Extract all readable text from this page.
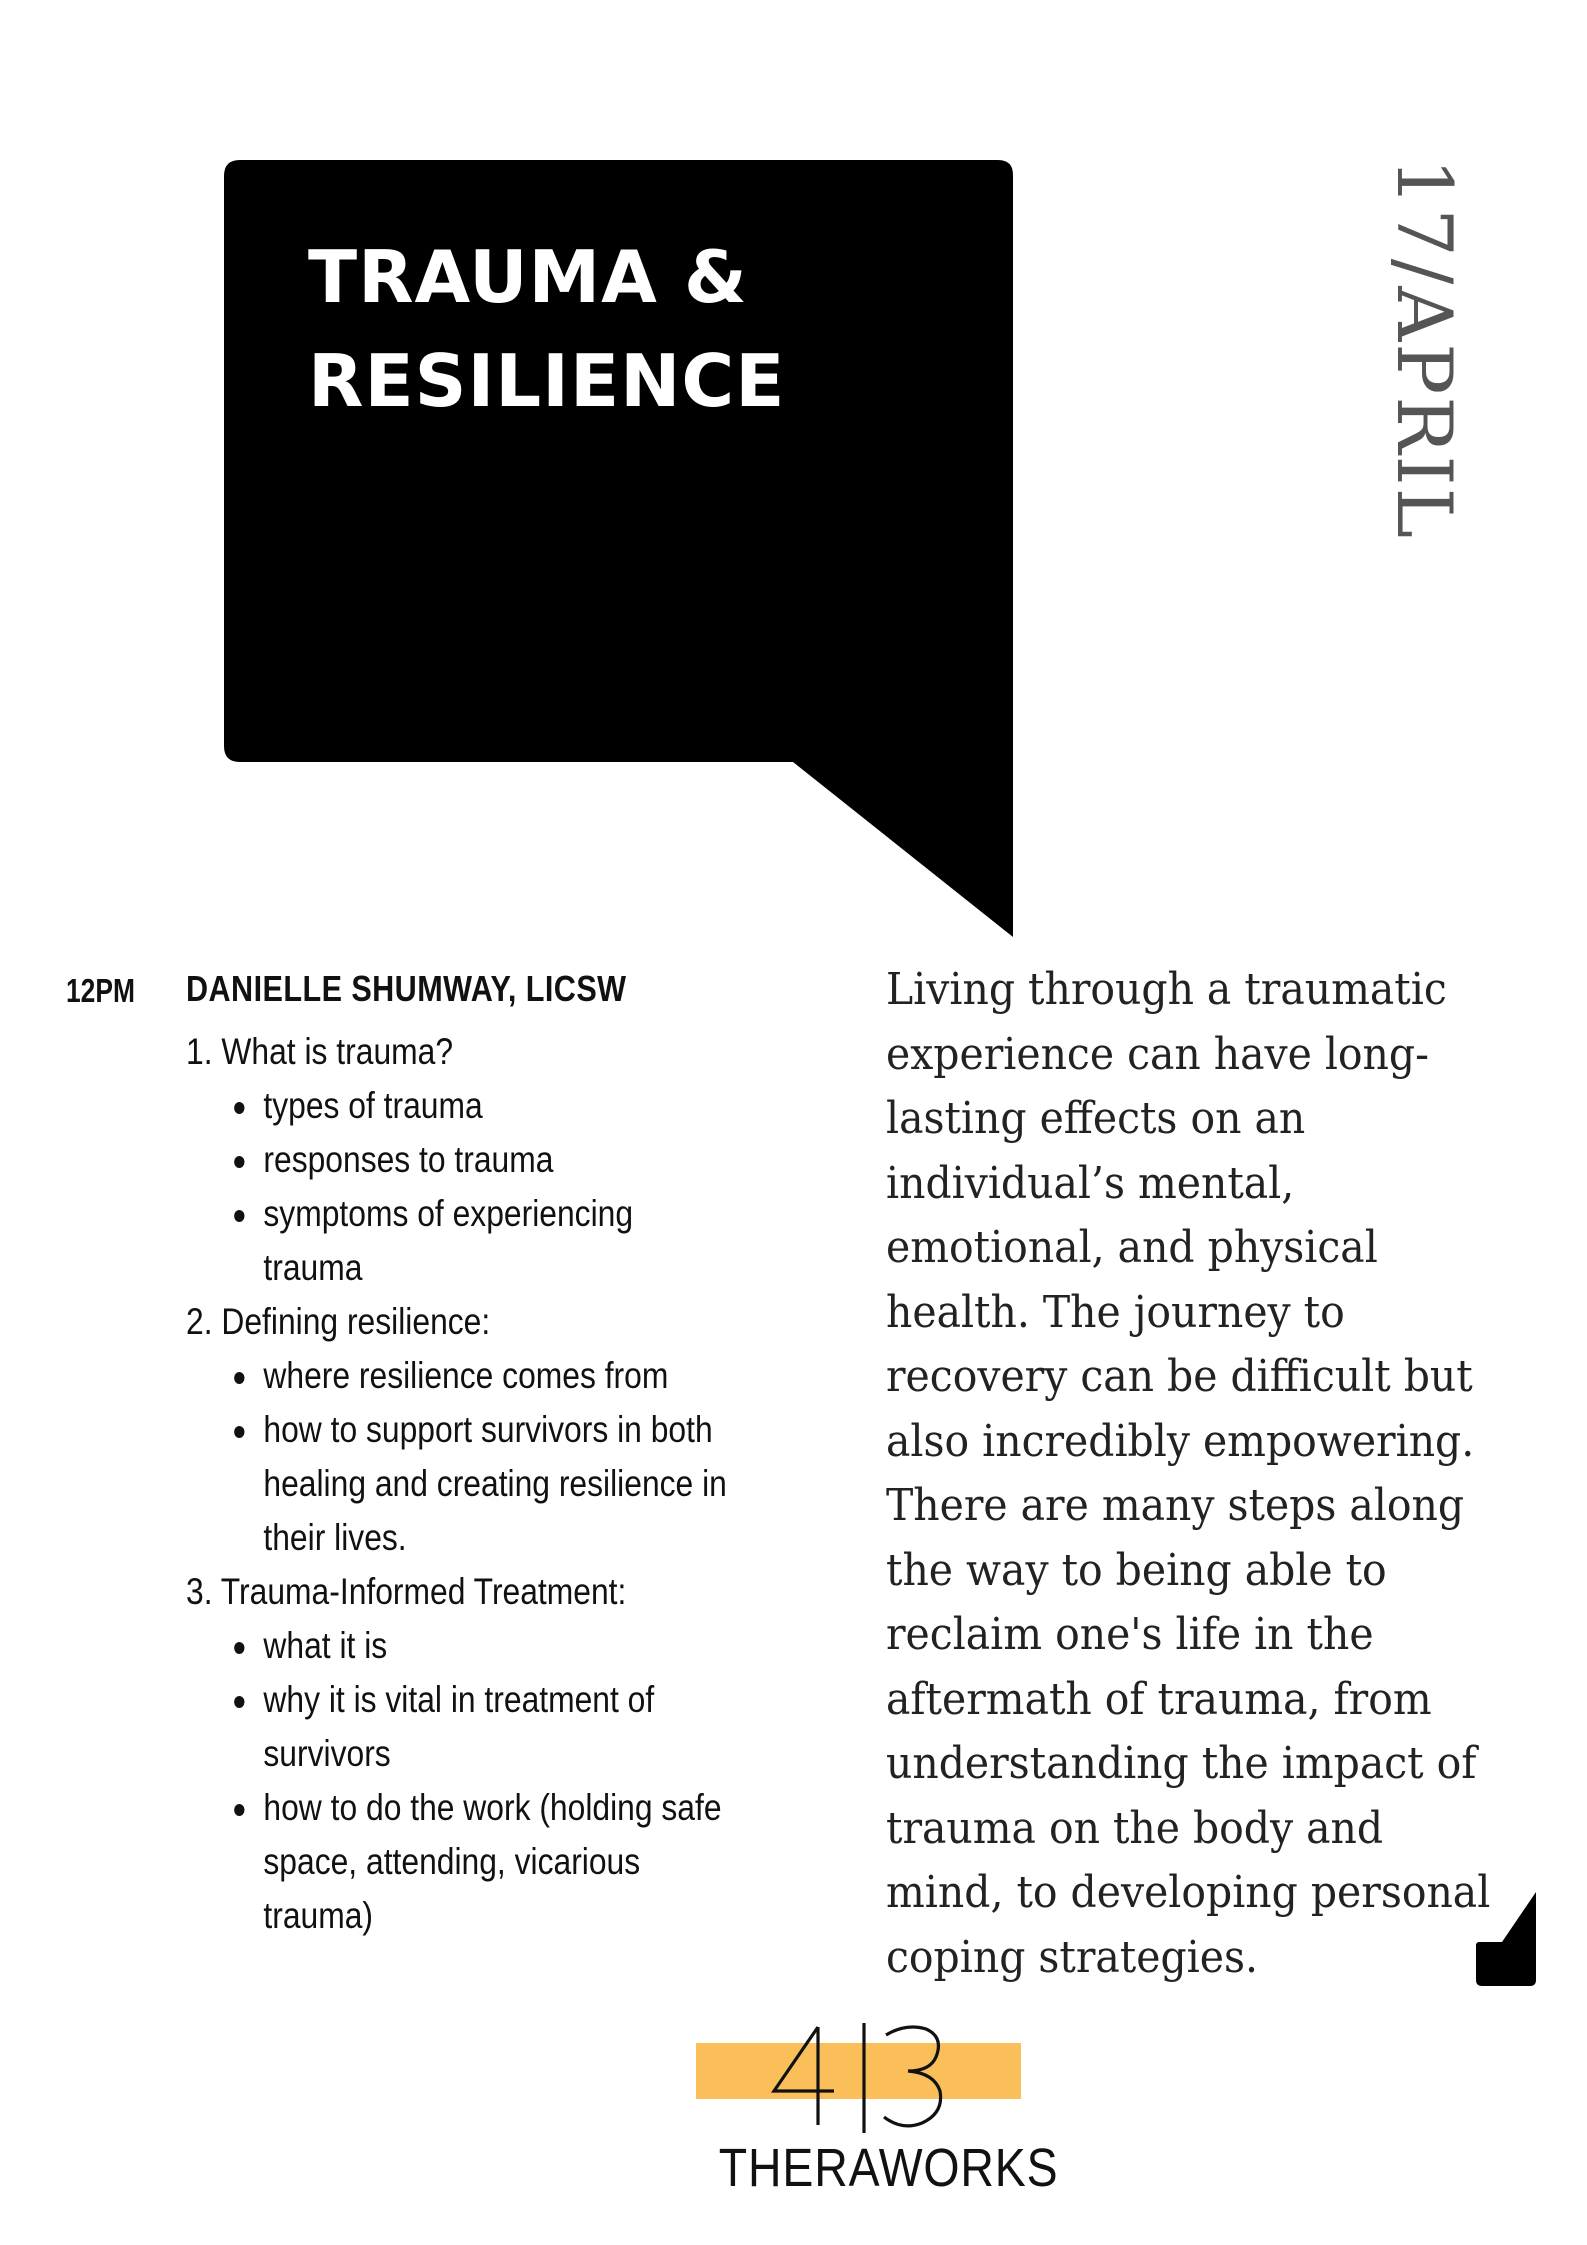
TRAUMA &
RESILIENCE	17/APRIL
12PM DANIELLE SHUMWAY, LICSW
1. What is trauma?
types of trauma
responses to trauma
symptoms of experiencing trauma
2. Defining resilience:
where resilience comes from
how to support survivors in both healing and creating resilience in their lives.
3. Trauma-Informed Treatment:
what it is
why it is vital in treatment of survivors
how to do the work (holding safe space, attending, vicarious trauma)

Living through a traumatic experience can have long-lasting effects on an individual’s mental, emotional, and physical health. The journey to recovery can be difficult but also incredibly empowering. There are many steps along the way to being able to reclaim one's life in the aftermath of trauma, from understanding the impact of trauma on the body and mind, to developing personal coping strategies.

THERAWORKS
